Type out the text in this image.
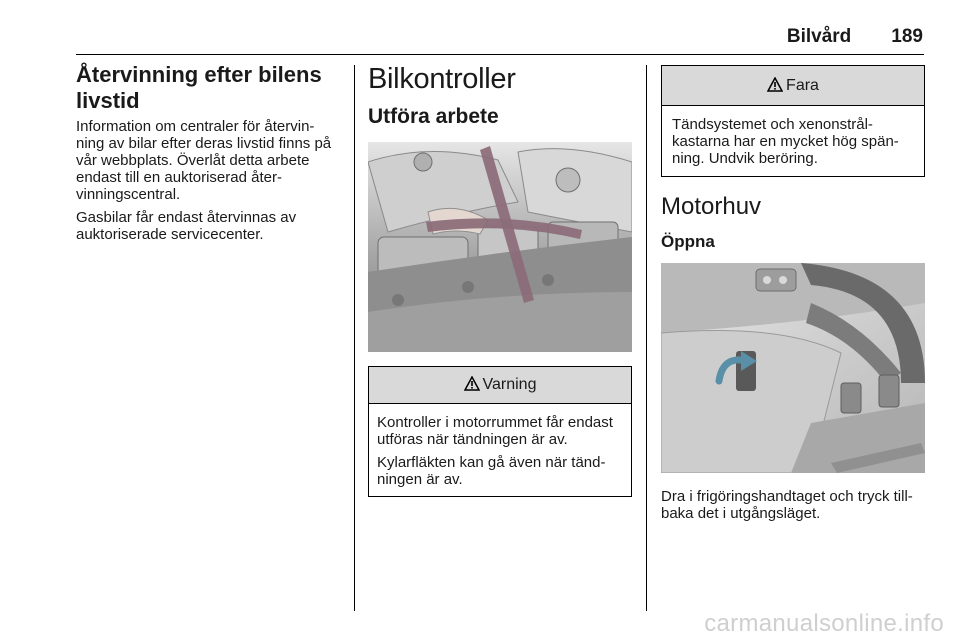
Bilvård 189
Återvinning efter bilens livstid

Information om centraler för återvin-ning av bilar efter deras livstid finns på vår webbplats. Överlåt detta arbete endast till en auktoriserad åter-vinningscentral.

Gasbilar får endast återvinnas av auktoriserade servicecenter.

Bilkontroller
Utföra arbete
Varning

Kontroller i motorrummet får endast utföras när tändningen är av.

Kylarfläkten kan gå även när tänd-ningen är av.

Fara

Tändsystemet och xenonstrål-kastarna har en mycket hög spän-ning. Undvik beröring.

Motorhuv
Öppna

Dra i frigöringshandtaget och tryck till-baka det i utgångsläget.

carmanualsonline.info
